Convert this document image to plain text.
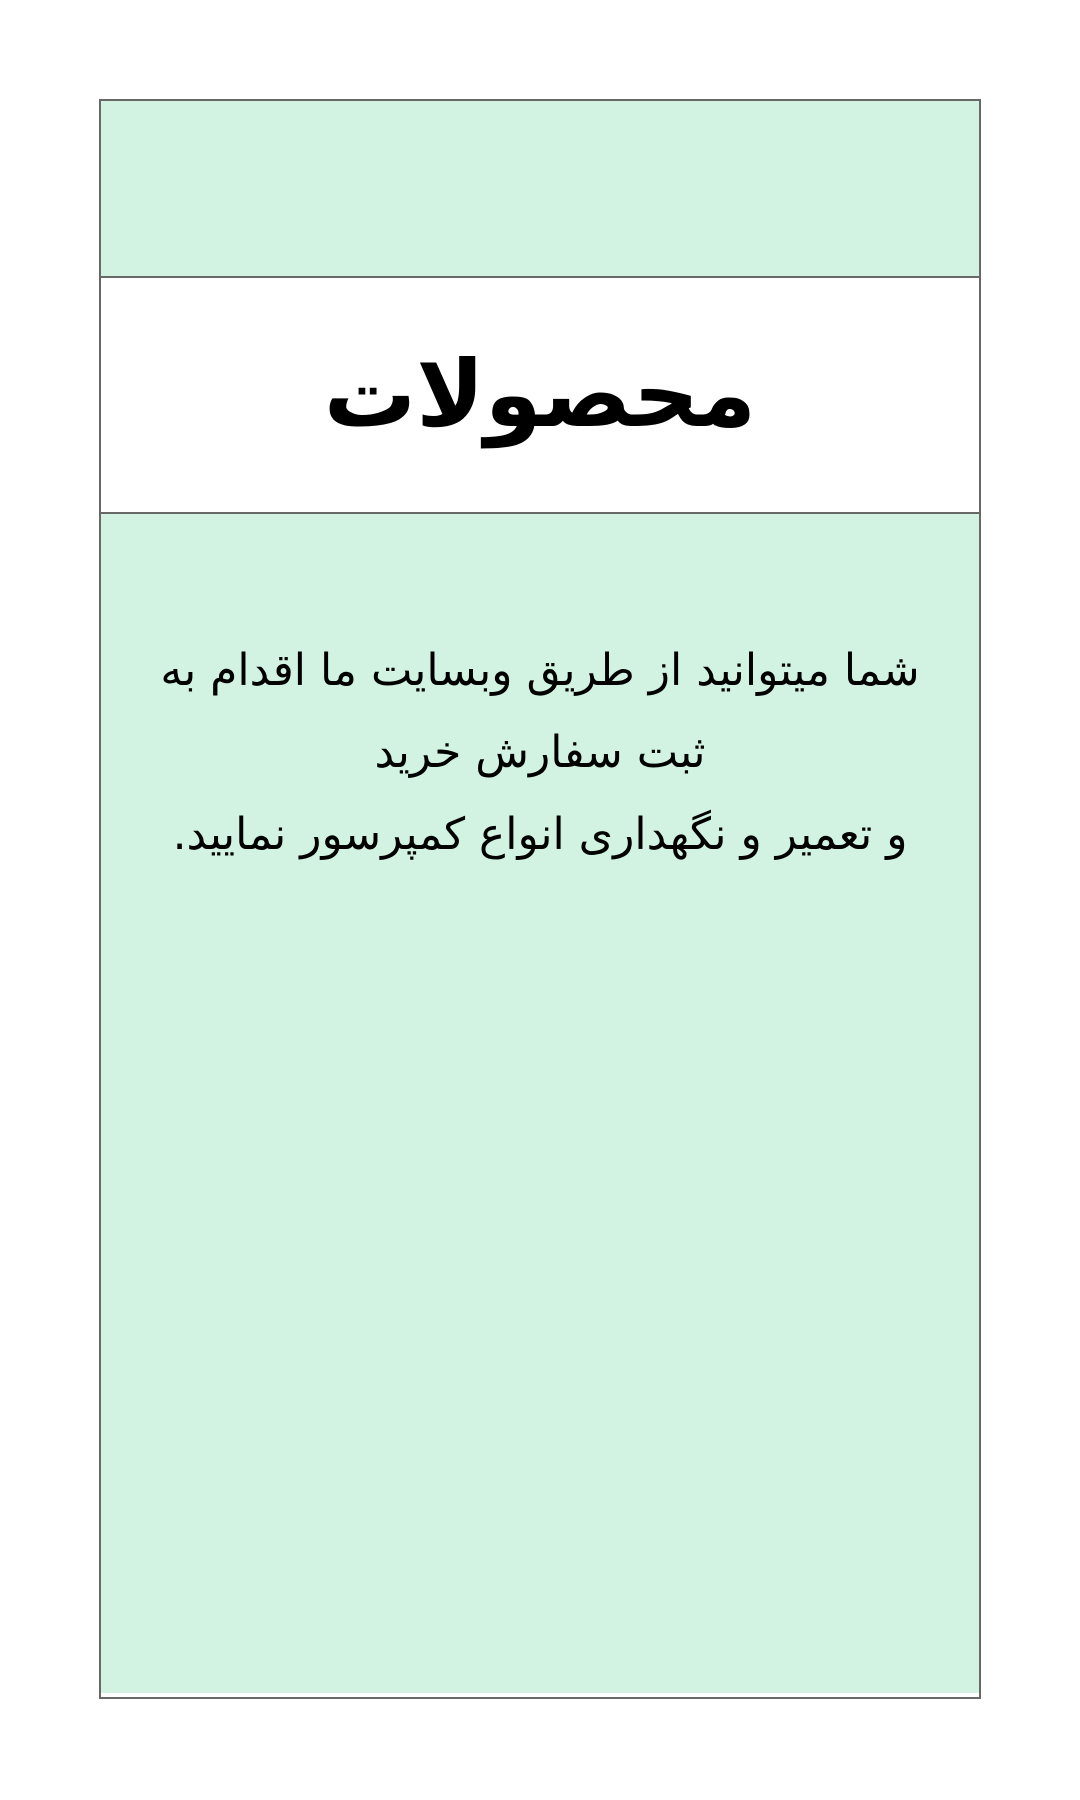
محصولات
شما میتوانید از طریق وبسایت ما اقدام به ثبت سفارش خرید
و تعمیر و نگهداری انواع کمپرسور نمایید.
